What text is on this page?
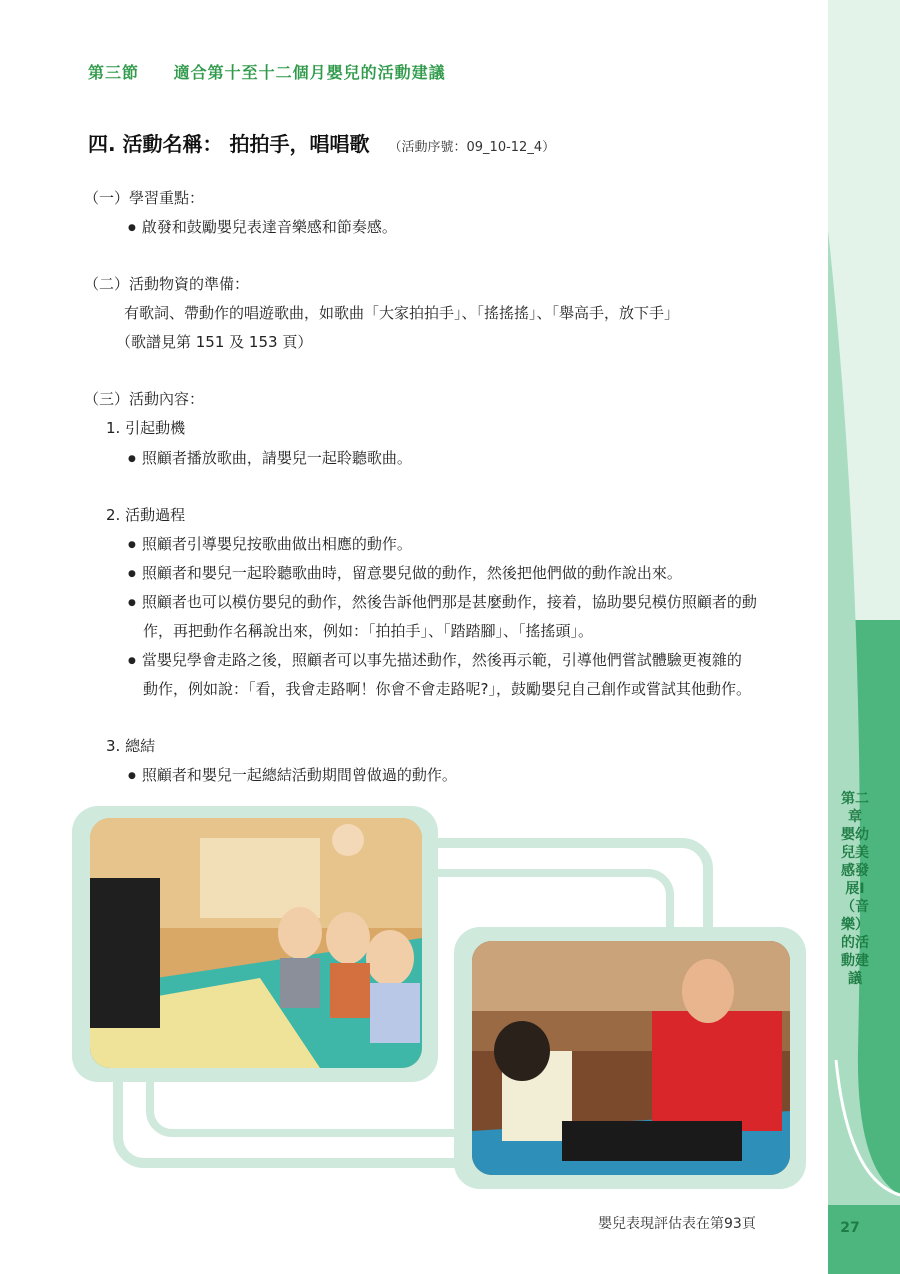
第二章 嬰幼兒美感發展Ⅰ（音樂）的活動建議
27
第三節 適合第十至十二個月嬰兒的活動建議
四. 活動名稱： 拍拍手，唱唱歌 （活動序號：09_10-12_4）
（一）學習重點：
● 啟發和鼓勵嬰兒表達音樂感和節奏感。
（二）活動物資的準備：
有歌詞、帶動作的唱遊歌曲，如歌曲「大家拍拍手」、「搖搖搖」、「舉高手，放下手」
（歌譜見第 151 及 153 頁）
（三）活動內容：
1. 引起動機
● 照顧者播放歌曲，請嬰兒一起聆聽歌曲。
2. 活動過程
● 照顧者引導嬰兒按歌曲做出相應的動作。
● 照顧者和嬰兒一起聆聽歌曲時，留意嬰兒做的動作，然後把他們做的動作說出來。
● 照顧者也可以模仿嬰兒的動作，然後告訴他們那是甚麼動作，接着，協助嬰兒模仿照顧者的動
作，再把動作名稱說出來，例如：「拍拍手」、「踏踏腳」、「搖搖頭」。
● 當嬰兒學會走路之後，照顧者可以事先描述動作，然後再示範，引導他們嘗試體驗更複雜的
動作，例如說：「看，我會走路啊！你會不會走路呢?」，鼓勵嬰兒自己創作或嘗試其他動作。
3. 總結
● 照顧者和嬰兒一起總結活動期間曾做過的動作。
嬰兒表現評估表在第93頁
